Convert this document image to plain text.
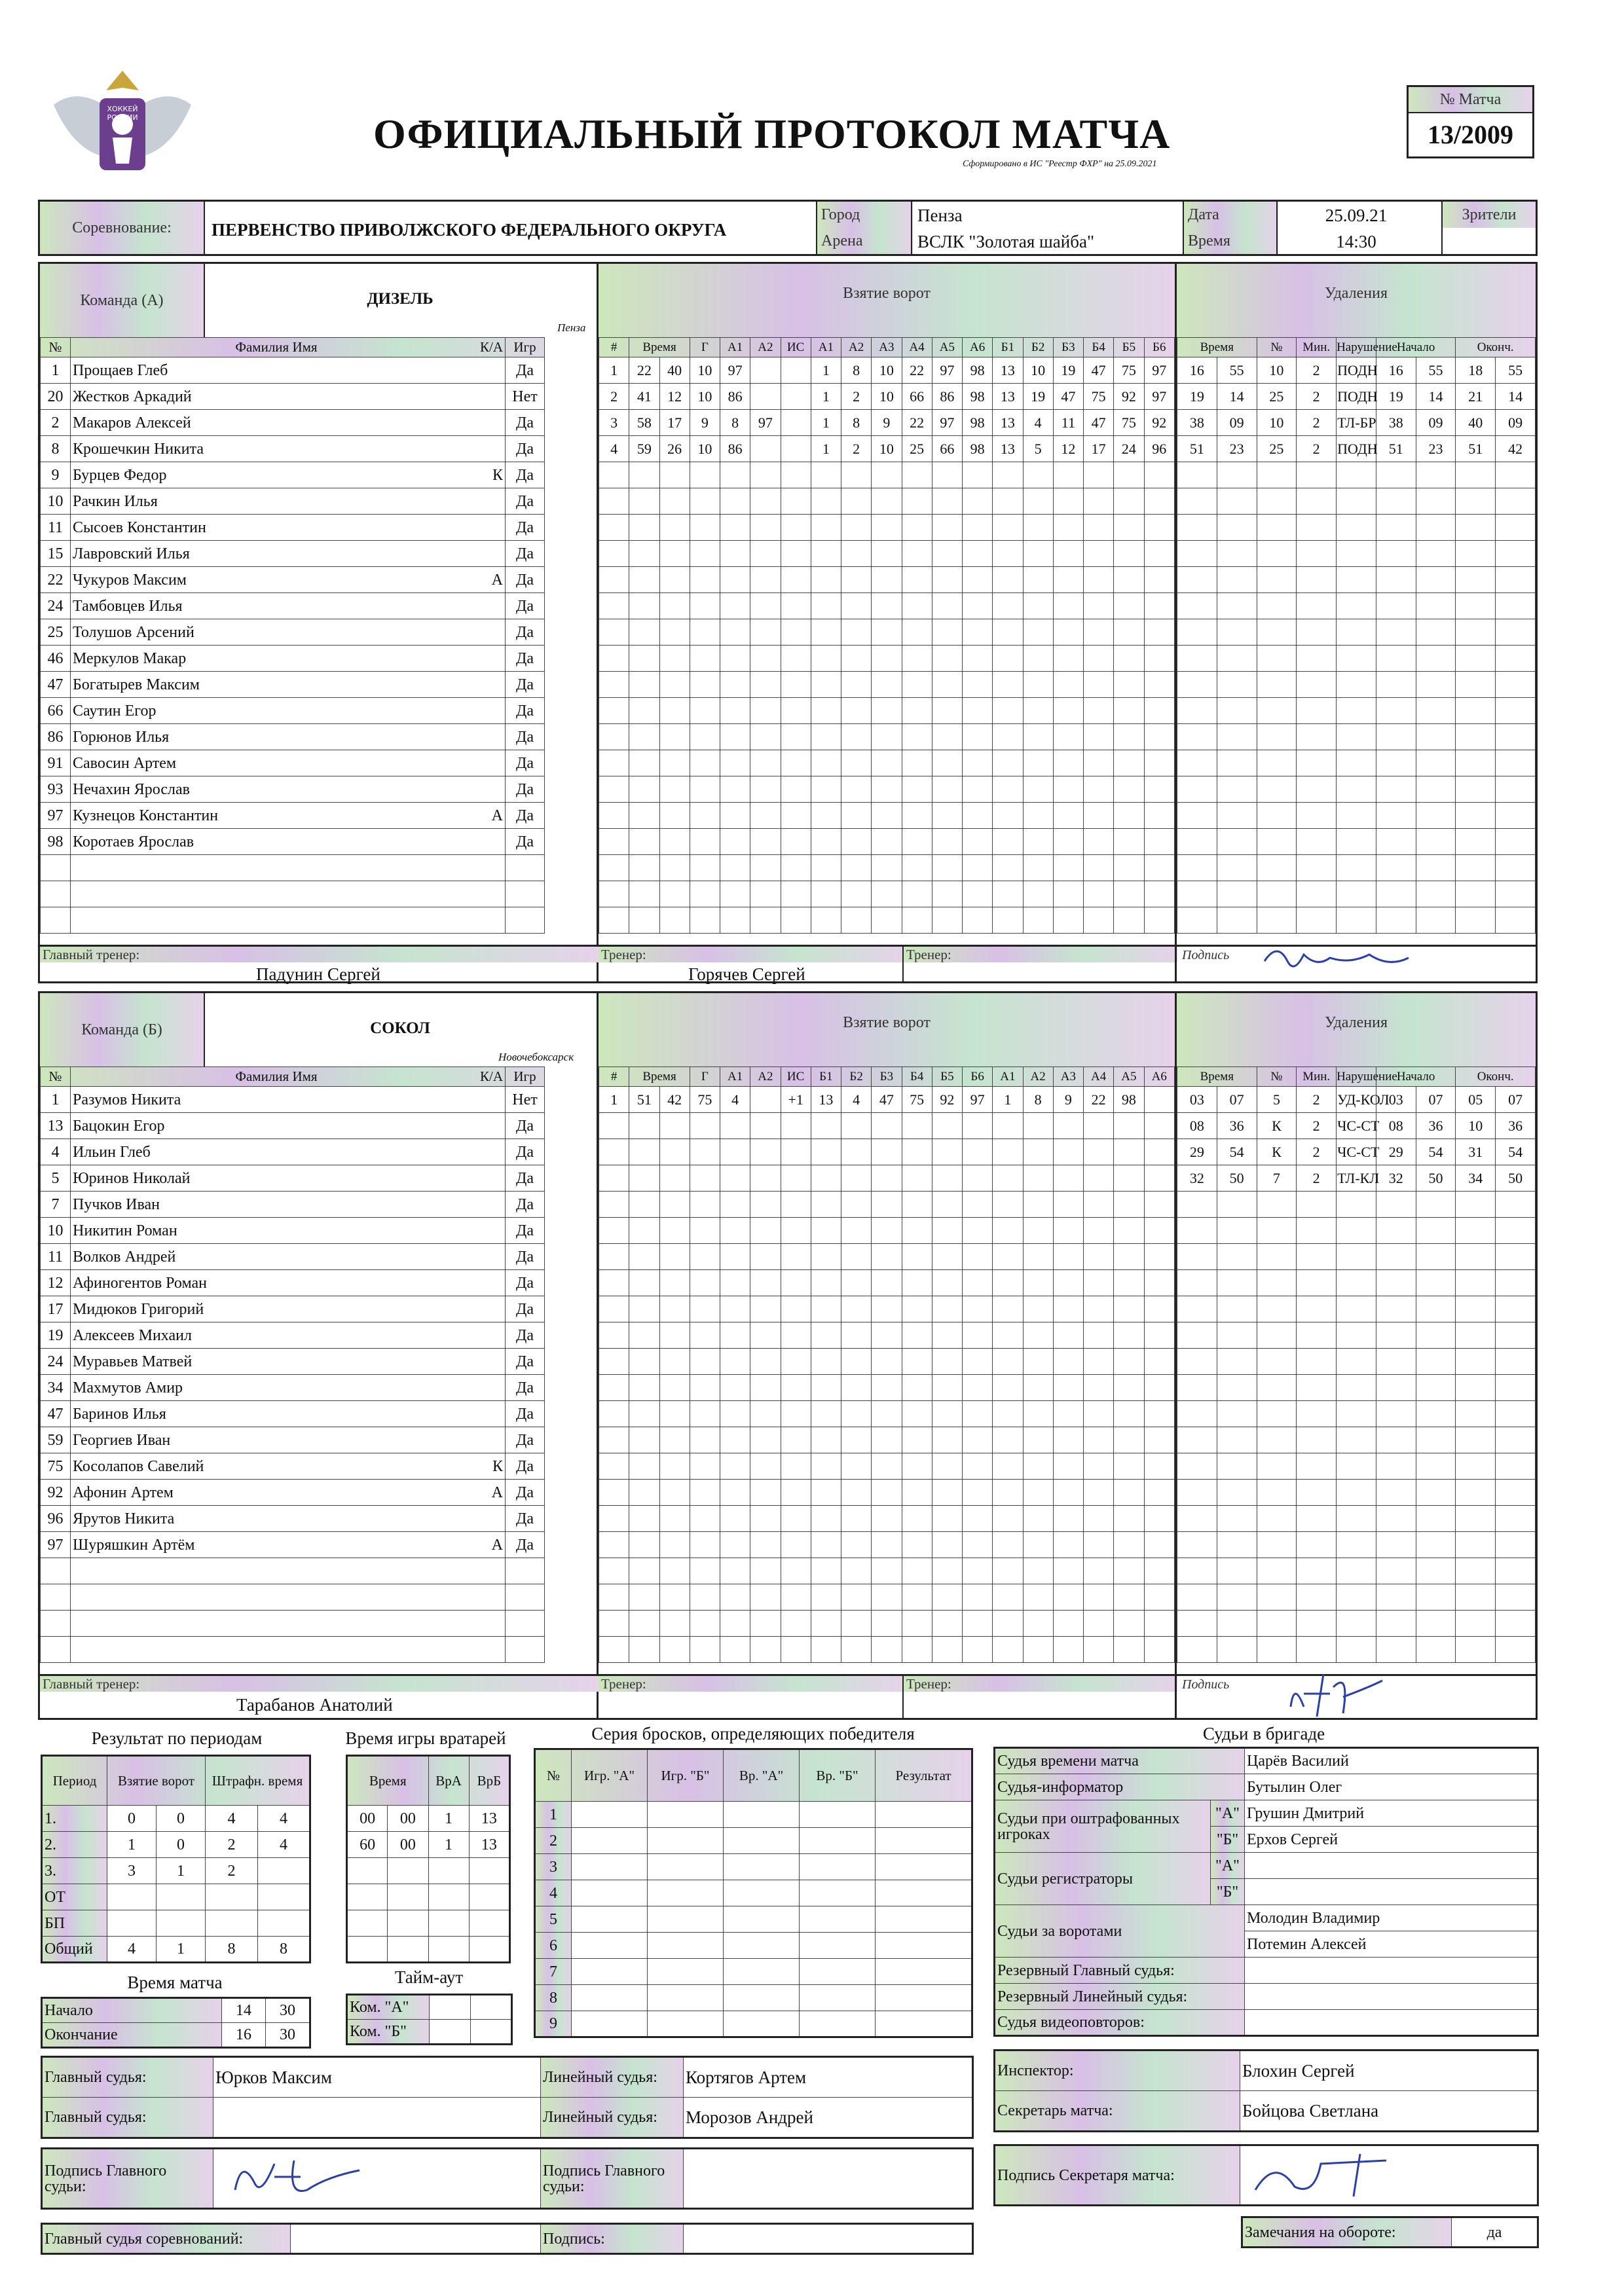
ХОККЕЙ РОССИИ	ОФИЦИАЛЬНЫЙ ПРОТОКОЛ МАТЧА
Сформировано в ИС "Реестр ФХР" на 25.09.2021
№ Матча
13/2009
Соревнование:	ПЕРВЕНСТВО ПРИВОЛЖСКОГО ФЕДЕРАЛЬНОГО ОКРУГА
Город	Пенза
Арена	ВСЛК "Золотая шайба"
Дата	25.09.21
Время	14:30
Зрители
Команда (А)	ДИЗЕЛЬ
Пенза
Взятие ворот	Удаления
№	Фамилия Имя К/А		Игр
1	Прощаев Глеб		Да
20	Жестков Аркадий		Нет
2	Макаров Алексей		Да
8	Крошечкин Никита		Да
9	Бурцев Федор К		Да
10	Рачкин Илья		Да
11	Сысоев Константин		Да
15	Лавровский Илья		Да
22	Чукуров Максим А		Да
24	Тамбовцев Илья		Да
25	Толушов Арсений		Да
46	Меркулов Макар		Да
47	Богатырев Максим		Да
66	Саутин Егор		Да
86	Горюнов Илья		Да
91	Савосин Артем		Да
93	Нечахин Ярослав		Да
97	Кузнецов Константин А		Да
98	Коротаев Ярослав		Да

#	Время		Г	А1	А2	ИС	А1	А2	А3	А4	А5	А6	Б1	Б2	Б3	Б4	Б5	Б6
1	22	40	10	97			1	8	10	22	97	98	13	10	19	47	75	97
2	41	12	10	86			1	2	10	66	86	98	13	19	47	75	92	97
3	58	17	9	8	97		1	8	9	22	97	98	13	4	11	47	75	92
4	59	26	10	86			1	2	10	25	66	98	13	5	12	17	24	96

Время		№	Мин.	Нарушение	Начало		Оконч.	
16	55	10	2	ПОДН	16	55	18	55
19	14	25	2	ПОДН	19	14	21	14
38	09	10	2	ТЛ-БР	38	09	40	09
51	23	25	2	ПОДН	51	23	51	42

Главный тренер:
Падунин Сергей
Тренер:
Горячев Сергей
Тренер:	Подпись
Команда (Б)	СОКОЛ
Новочебоксарск
Взятие ворот	Удаления
№	Фамилия Имя К/А		Игр
1	Разумов Никита		Нет
13	Бацокин Егор		Да
4	Ильин Глеб		Да
5	Юринов Николай		Да
7	Пучков Иван		Да
10	Никитин Роман		Да
11	Волков Андрей		Да
12	Афиногентов Роман		Да
17	Мидюков Григорий		Да
19	Алексеев Михаил		Да
24	Муравьев Матвей		Да
34	Махмутов Амир		Да
47	Баринов Илья		Да
59	Георгиев Иван		Да
75	Косолапов Савелий К		Да
92	Афонин Артем А		Да
96	Ярутов Никита		Да
97	Шуряшкин Артём А		Да

#	Время		Г	А1	А2	ИС	Б1	Б2	Б3	Б4	Б5	Б6	А1	А2	А3	А4	А5	А6
1	51	42	75	4		+1	13	4	47	75	92	97	1	8	9	22	98	

Время		№	Мин.	Нарушение	Начало		Оконч.	
03	07	5	2	УД-КОЛ	03	07	05	07
08	36	К	2	ЧС-СТ	08	36	10	36
29	54	К	2	ЧС-СТ	29	54	31	54
32	50	7	2	ТЛ-КЛ	32	50	34	50

Главный тренер:
Тарабанов Анатолий
Тренер:	Тренер:	Подпись
Результат по периодам
Период	Взятие ворот		Штрафн. время	
1.	0	0	4	4
2.	1	0	2	4
3.	3	1	2	
ОТ				
БП				
Общий	4	1	8	8
Время игры вратарей
Время		ВрА	ВрБ
00	00	1	13
60	00	1	13

Время матча
Начало	14	30
Окончание	16	30
Тайм-аут
Ком. "А"		
Ком. "Б"		
Серия бросков, определяющих победителя
№	Игр. "А"	Игр. "Б"	Вр. "А"	Вр. "Б"	Результат
1					
2					
3					
4					
5					
6					
7					
8					
9					
Судьи в бригаде
Судья времени матча		Царёв Василий
Судья-информатор		Бутылин Олег
Судьи при оштрафованных игроках	"А"	Грушин Дмитрий
	"Б"	Ерхов Сергей
Судьи регистраторы	"А"	
	"Б"	
Судьи за воротами		Молодин Владимир
		Потемин Алексей
Резервный Главный судья:		
Резервный Линейный судья:		
Судья видеоповторов:		
Главный судья:	Юрков Максим	Линейный судья:	Кортягов Артем
Главный судья:		Линейный судья:	Морозов Андрей
Инспектор:	Блохин Сергей
Секретарь матча:	Бойцова Светлана
Подпись Главного судьи:		Подпись Главного судьи:	
Подпись Секретаря матча:	
Главный судья соревнований:		Подпись:		Замечания на обороте:	да
